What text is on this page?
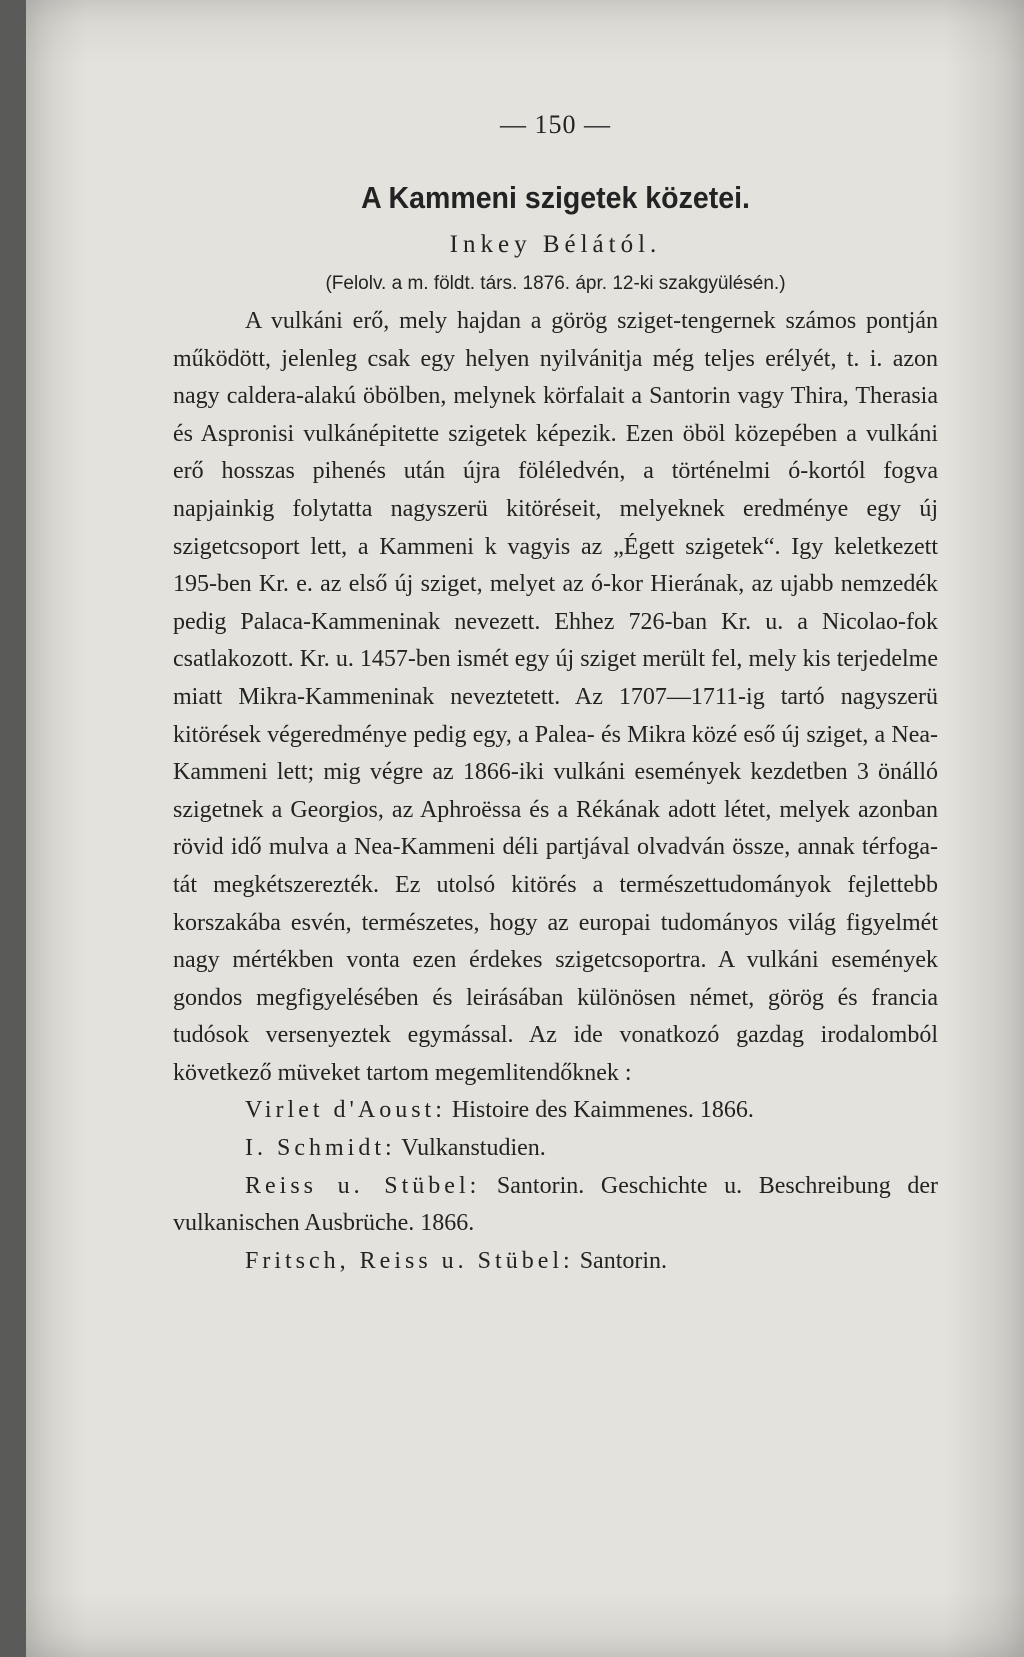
— 150 —
A Kammeni szigetek közetei.
Inkey Bélától.
(Felolv. a m. földt. társ. 1876. ápr. 12-ki szakgyülésén.)

A vulkáni erő, mely hajdan a görög sziget-tengernek számos pontján működött, jelenleg csak egy helyen nyilvánitja még teljes erélyét, t. i. azon nagy caldera-alakú öbölben, melynek körfalait a Santorin vagy Thira, Therasia és Aspronisi vulkánépitette szigetek képezik. Ezen öböl közepében a vulkáni erő hosszas pihenés után újra föléledvén, a történelmi ó-kortól fogva napjainkig folytatta nagyszerü kitöréseit, melyeknek eredménye egy új szigetcsoport lett, a Kammeni k vagyis az „Égett szigetek“. Igy keletkezett 195-ben Kr. e. az első új sziget, melyet az ó-kor Hierának, az ujabb nemzedék pedig Palaca-Kammeninak nevezett. Ehhez 726-ban Kr. u. a Nicolao-fok csatlakozott. Kr. u. 1457-ben ismét egy új sziget merült fel, mely kis terjedelme miatt Mikra-Kammeninak neveztetett. Az 1707—1711-ig tartó nagyszerü kitörések végeredménye pedig egy, a Palea- és Mikra közé eső új sziget, a Nea-Kammeni lett; mig végre az 1866-iki vulkáni események kezdetben 3 önálló szigetnek a Georgios, az Aphroëssa és a Rékának adott létet, melyek azonban rövid idő mulva a Nea-Kammeni déli partjával olvadván össze, annak térfogatát megkétszerezték. Ez utolsó kitörés a természettudományok fejlettebb korszakába esvén, természetes, hogy az europai tudományos világ figyelmét nagy mértékben vonta ezen érdekes szigetcsoportra. A vulkáni események gondos megfigyelésében és leirásában különösen német, görög és francia tudósok versenyeztek egymással. Az ide vonatkozó gazdag irodalomból következő müveket tartom megemlitendőknek :

Virlet d'Aoust: Histoire des Kaimmenes. 1866.

I. Schmidt: Vulkanstudien.

Reiss u. Stübel: Santorin. Geschichte u. Beschreibung der vulkanischen Ausbrüche. 1866.

Fritsch, Reiss u. Stübel: Santorin.
